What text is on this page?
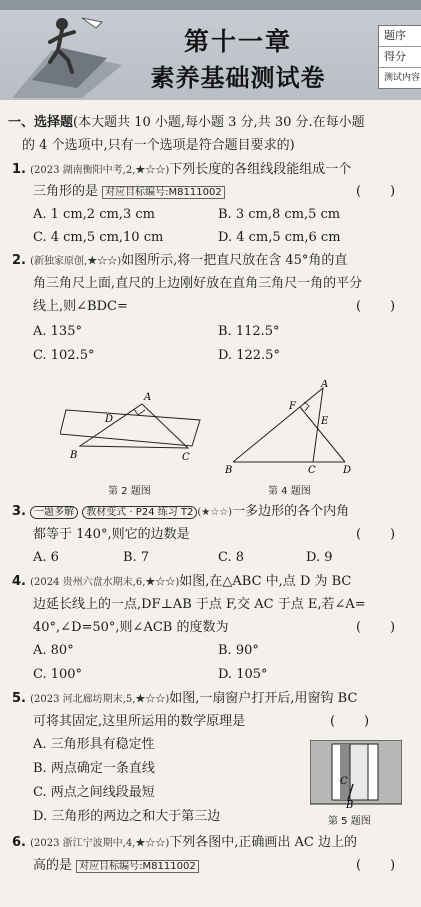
第十一章
素养基础测试卷
题序
得分
测试内容
一、选择题(本大题共 10 小题,每小题 3 分,共 30 分.在每小题
的 4 个选项中,只有一个选项是符合题目要求的)
1. (2023 湖南衡阳中考,2,★☆☆)下列长度的各组线段能组成一个
三角形的是 对应目标编号:M8111002	(       )
A. 1 cm,2 cm,3 cm	B. 3 cm,8 cm,5 cm
C. 4 cm,5 cm,10 cm	D. 4 cm,5 cm,6 cm
2. (新独家原创,★☆☆)如图所示,将一把直尺放在含 45°角的直
角三角尺上面,直尺的上边刚好放在直角三角尺一角的平分
线上,则∠BDC=	(       )
A. 135°	B. 112.5°
C. 102.5°	D. 122.5°
A
D
B	C
第 2 题图
A
F
E
B	C	D
第 4 题图
3. 一题多解 教材变式 · P24 练习 T2 (★☆☆)一多边形的各个内角
都等于 140°,则它的边数是	(       )
A. 6	B. 7	C. 8	D. 9
4. (2024 贵州六盘水期末,6,★☆☆)如图,在△ABC 中,点 D 为 BC
边延长线上的一点,DF⊥AB 于点 F,交 AC 于点 E,若∠A=
40°,∠D=50°,则∠ACB 的度数为	(       )
A. 80°	B. 90°
C. 100°	D. 105°
5. (2023 河北廊坊期末,5,★☆☆)如图,一扇窗户打开后,用窗钩 BC
可将其固定,这里所运用的数学原理是	(       )
A. 三角形具有稳定性
B. 两点确定一条直线
C. 两点之间线段最短
D. 三角形的两边之和大于第三边
C
B
第 5 题图
6. (2023 浙江宁波期中,4,★☆☆)下列各图中,正确画出 AC 边上的
高的是 对应目标编号:M8111002	(       )
